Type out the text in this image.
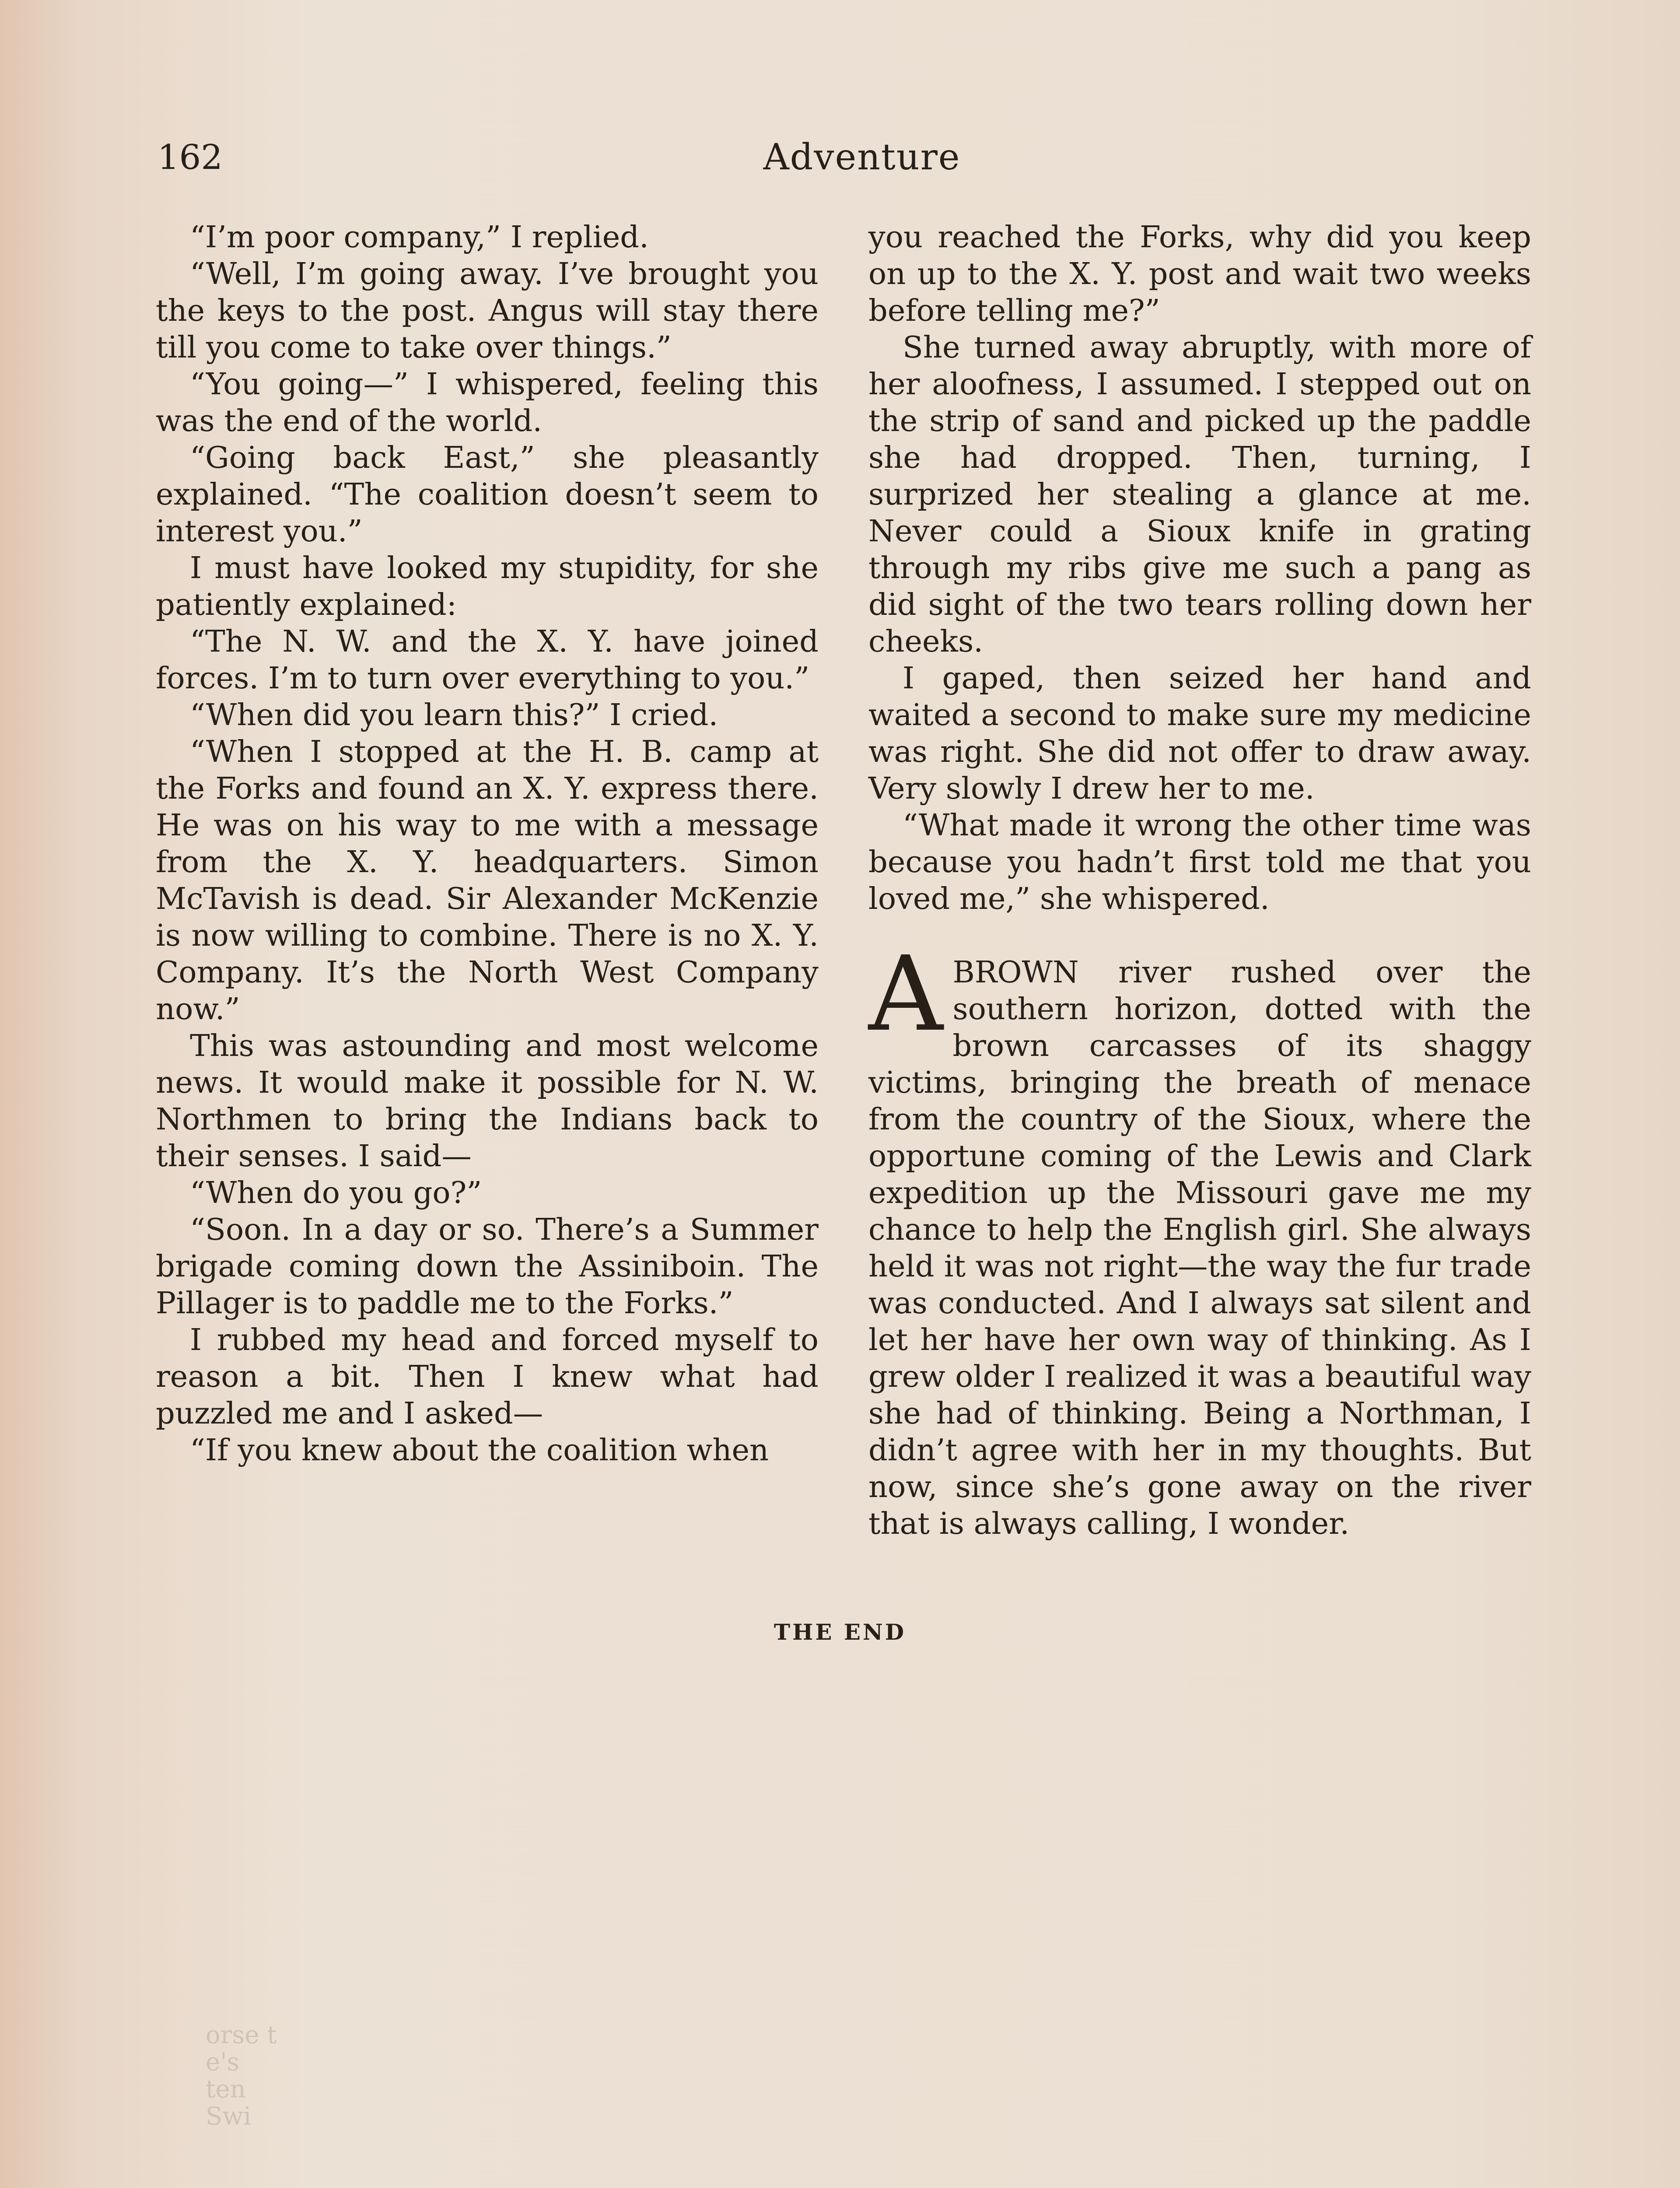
162	Adventure

“I’m poor company,” I replied.

“Well, I’m going away. I’ve brought you the keys to the post. Angus will stay there till you come to take over things.”

“You going—” I whispered, feeling this was the end of the world.

“Going back East,” she pleasantly explained. “The coalition doesn’t seem to interest you.”

I must have looked my stupidity, for she patiently explained:

“The N. W. and the X. Y. have joined forces. I’m to turn over everything to you.”

“When did you learn this?” I cried.

“When I stopped at the H. B. camp at the Forks and found an X. Y. express there. He was on his way to me with a message from the X. Y. headquarters. Simon McTavish is dead. Sir Alexander McKenzie is now willing to combine. There is no X. Y. Company. It’s the North West Company now.”

This was astounding and most welcome news. It would make it possible for N. W. Northmen to bring the Indians back to their senses. I said—

“When do you go?”

“Soon. In a day or so. There’s a Summer brigade coming down the Assiniboin. The Pillager is to paddle me to the Forks.”

I rubbed my head and forced myself to reason a bit. Then I knew what had puzzled me and I asked—

“If you knew about the coalition when

you reached the Forks, why did you keep on up to the X. Y. post and wait two weeks before telling me?”

She turned away abruptly, with more of her aloofness, I assumed. I stepped out on the strip of sand and picked up the paddle she had dropped. Then, turning, I surprized her stealing a glance at me. Never could a Sioux knife in grating through my ribs give me such a pang as did sight of the two tears rolling down her cheeks.

I gaped, then seized her hand and waited a second to make sure my medicine was right. She did not offer to draw away. Very slowly I drew her to me.

“What made it wrong the other time was because you hadn’t first told me that you loved me,” she whispered.

A BROWN river rushed over the southern horizon, dotted with the brown carcasses of its shaggy victims, bringing the breath of menace from the country of the Sioux, where the opportune coming of the Lewis and Clark expedition up the Missouri gave me my chance to help the English girl. She always held it was not right—the way the fur trade was conducted. And I always sat silent and let her have her own way of thinking. As I grew older I realized it was a beautiful way she had of thinking. Being a Northman, I didn’t agree with her in my thoughts. But now, since she’s gone away on the river that is always calling, I wonder.

THE END
orse t
e's
ten
Swi
